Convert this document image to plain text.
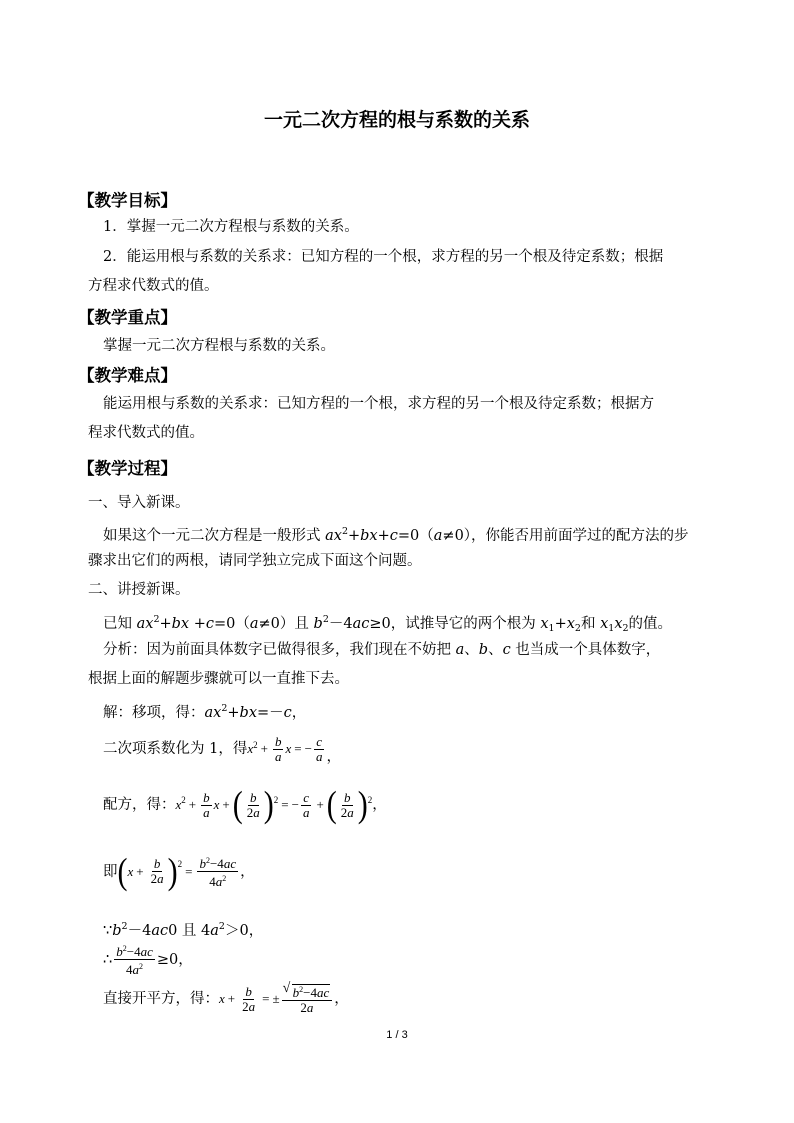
一元二次方程的根与系数的关系
【教学目标】
1．掌握一元二次方程根与系数的关系。
2．能运用根与系数的关系求：已知方程的一个根，求方程的另一个根及待定系数；根据
方程求代数式的值。
【教学重点】
掌握一元二次方程根与系数的关系。
【教学难点】
能运用根与系数的关系求：已知方程的一个根，求方程的另一个根及待定系数；根据方
程求代数式的值。
【教学过程】
一、导入新课。
如果这个一元二次方程是一般形式 $ax^2+bx+c=0(a\ne 0)$，你能否用前面学过的配方法的步
骤求出它们的两根，请同学独立完成下面这个问题。
二、讲授新课。
已知 $ax^2+bx +c=0(a\ne 0)$且 $b^2-4ac\ge 0$，试推导它的两个根为 $x_1+x_2$和 $x_1x_2$的值。
分析：因为前面具体数字已做得很多，我们现在不妨把 a、b、c 也当成一个具体数字，
根据上面的解题步骤就可以一直推下去。
解：移项，得：$ax^2+bx=-c$，
二次项系数化为 1，得 x $2 + \frac{b}{a}$ x = − $\frac{c}{a}$ ，
配方，得： x $2 + \frac{b}{a}$ x + ( $\frac{b}{2a}$ ) 2 = − $\frac{c}{a}$ + ( $\frac{b}{2a}$ ) 2 ，
即 ( $x + \frac{b}{2a}$ ) $2 = \frac{b^2-4ac}{4a^2}$ ，
$\because b^2-4ac0$ 且 $4a^2>0$，
∴ $\frac{b^2-4ac}{4a^2} \ge 0$，
直接开平方，得： $x + \frac{b}{2a}$ = ±
√ $\frac{b^2-4ac}{2a}$ ，
1 / 3
